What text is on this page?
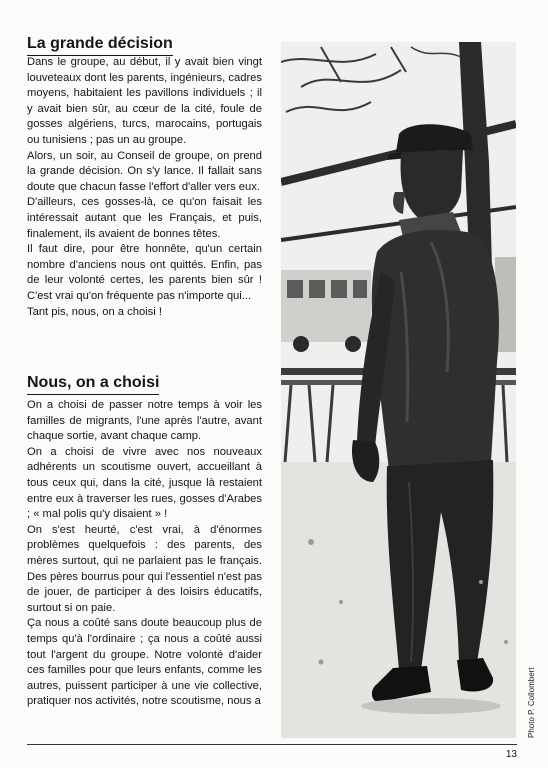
La grande décision

Dans le groupe, au début, il y avait bien vingt louveteaux dont les parents, ingénieurs, cadres moyens, habitaient les pavillons individuels ; il y avait bien sûr, au cœur de la cité, foule de gosses algériens, turcs, marocains, portugais ou tunisiens ; pas un au groupe.

Alors, un soir, au Conseil de groupe, on prend la grande décision. On s'y lance. Il fallait sans doute que chacun fasse l'effort d'aller vers eux.

D'ailleurs, ces gosses-là, ce qu'on faisait les intéressait autant que les Français, et puis, finalement, ils avaient de bonnes têtes.

Il faut dire, pour être honnête, qu'un certain nombre d'anciens nous ont quittés. Enfin, pas de leur volonté certes, les parents bien sûr ! C'est vrai qu'on fréquente pas n'importe qui...

Tant pis, nous, on a choisi !

Nous, on a choisi

On a choisi de passer notre temps à voir les familles de migrants, l'une après l'autre, avant chaque sortie, avant chaque camp.

On a choisi de vivre avec nos nouveaux adhérents un scoutisme ouvert, accueillant à tous ceux qui, dans la cité, jusque là restaient entre eux à traverser les rues, gosses d'Arabes ; « mal polis qu'y disaient » !

On s'est heurté, c'est vrai, à d'énormes problèmes quelquefois : des parents, des mères surtout, qui ne parlaient pas le français. Des pères bourrus pour qui l'essentiel n'est pas de jouer, de participer à des loisirs éducatifs, surtout si on paie.

Ça nous a coûté sans doute beaucoup plus de temps qu'à l'ordinaire ; ça nous a coûté aussi tout l'argent du groupe. Notre volonté d'aider ces familles pour que leurs enfants, comme les autres, puissent participer à une vie collective, pratiquer nos activités, notre scoutisme, nous a	Photo P. Collombert
13
